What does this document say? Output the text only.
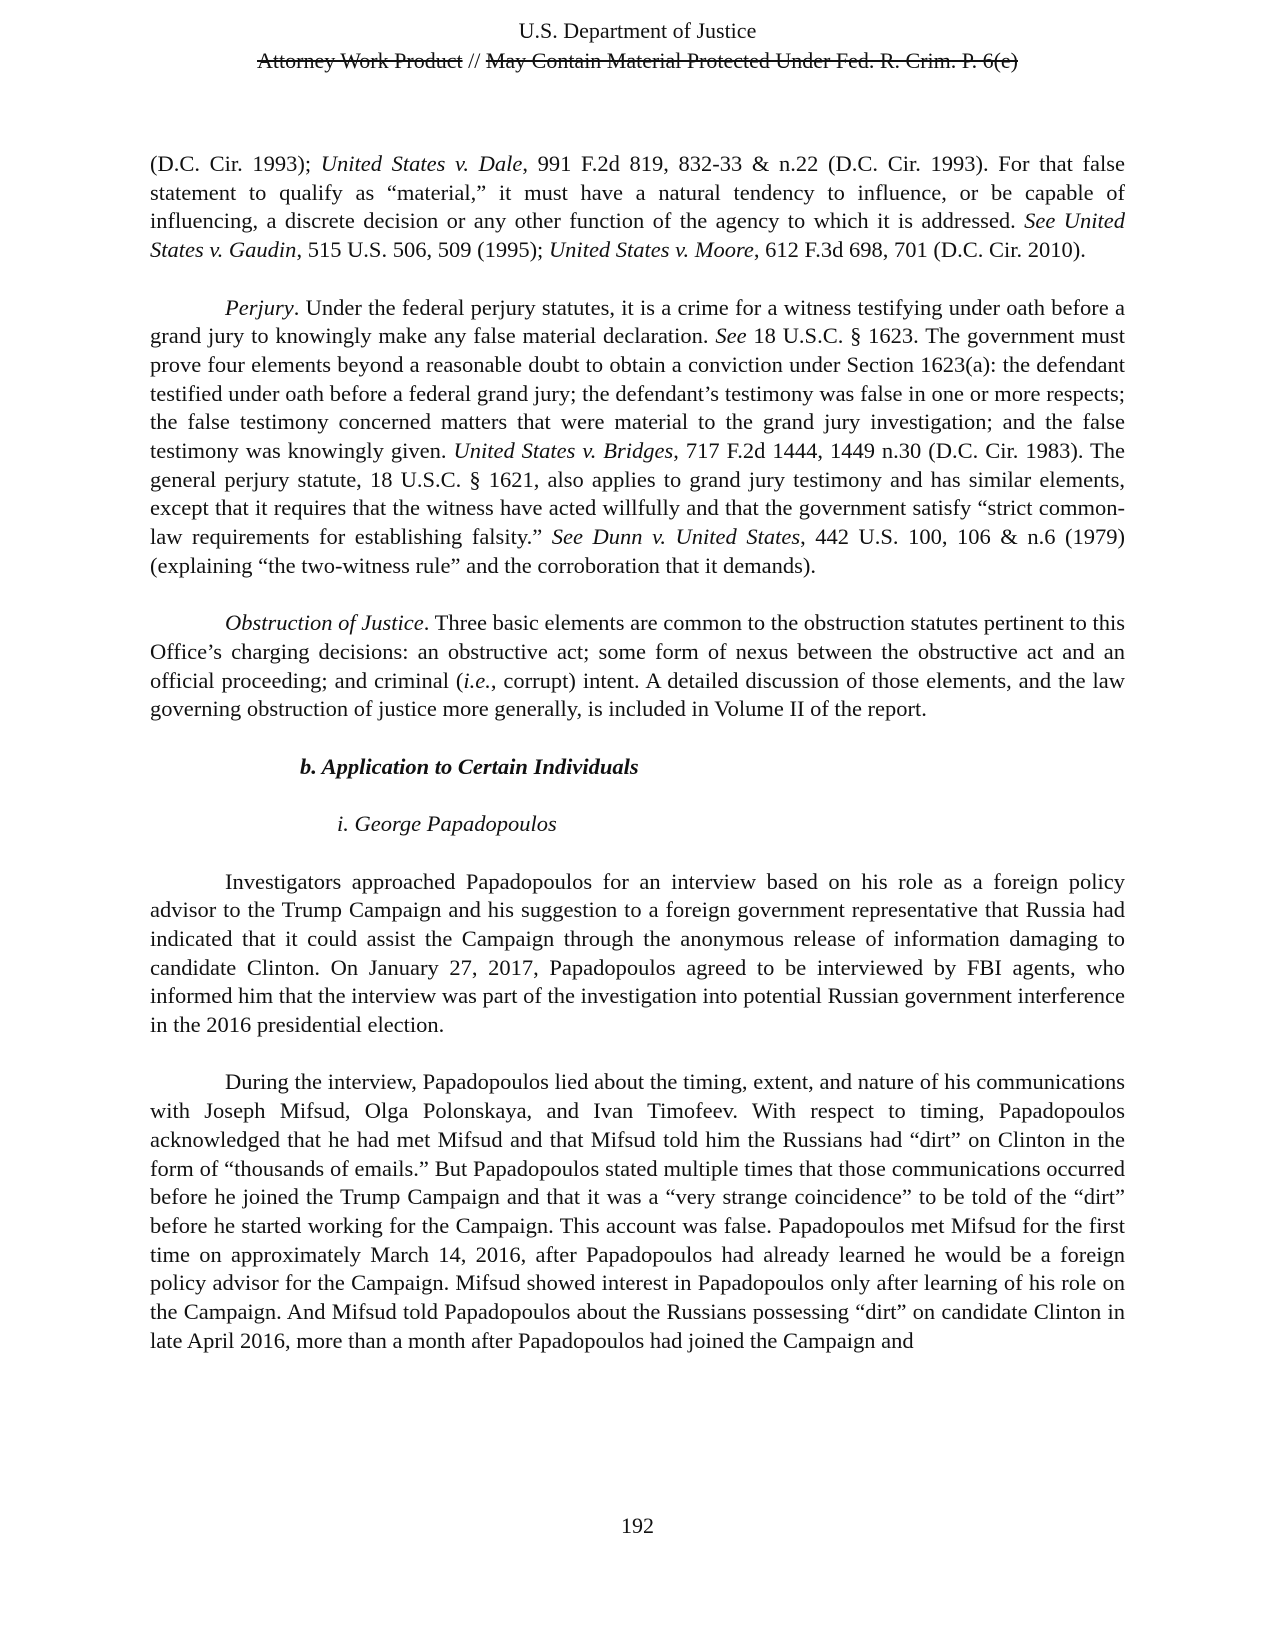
U.S. Department of Justice
Attorney Work Product // May Contain Material Protected Under Fed. R. Crim. P. 6(e)

(D.C. Cir. 1993); United States v. Dale, 991 F.2d 819, 832-33 & n.22 (D.C. Cir. 1993). For that false statement to qualify as “material,” it must have a natural tendency to influence, or be capable of influencing, a discrete decision or any other function of the agency to which it is addressed. See United States v. Gaudin, 515 U.S. 506, 509 (1995); United States v. Moore, 612 F.3d 698, 701 (D.C. Cir. 2010).

Perjury. Under the federal perjury statutes, it is a crime for a witness testifying under oath before a grand jury to knowingly make any false material declaration. See 18 U.S.C. § 1623. The government must prove four elements beyond a reasonable doubt to obtain a conviction under Section 1623(a): the defendant testified under oath before a federal grand jury; the defendant’s testimony was false in one or more respects; the false testimony concerned matters that were material to the grand jury investigation; and the false testimony was knowingly given. United States v. Bridges, 717 F.2d 1444, 1449 n.30 (D.C. Cir. 1983). The general perjury statute, 18 U.S.C. § 1621, also applies to grand jury testimony and has similar elements, except that it requires that the witness have acted willfully and that the government satisfy “strict common-law requirements for establishing falsity.” See Dunn v. United States, 442 U.S. 100, 106 & n.6 (1979) (explaining “the two-witness rule” and the corroboration that it demands).

Obstruction of Justice. Three basic elements are common to the obstruction statutes pertinent to this Office’s charging decisions: an obstructive act; some form of nexus between the obstructive act and an official proceeding; and criminal (i.e., corrupt) intent. A detailed discussion of those elements, and the law governing obstruction of justice more generally, is included in Volume II of the report.

b. Application to Certain Individuals
i. George Papadopoulos

Investigators approached Papadopoulos for an interview based on his role as a foreign policy advisor to the Trump Campaign and his suggestion to a foreign government representative that Russia had indicated that it could assist the Campaign through the anonymous release of information damaging to candidate Clinton. On January 27, 2017, Papadopoulos agreed to be interviewed by FBI agents, who informed him that the interview was part of the investigation into potential Russian government interference in the 2016 presidential election.

During the interview, Papadopoulos lied about the timing, extent, and nature of his communications with Joseph Mifsud, Olga Polonskaya, and Ivan Timofeev. With respect to timing, Papadopoulos acknowledged that he had met Mifsud and that Mifsud told him the Russians had “dirt” on Clinton in the form of “thousands of emails.” But Papadopoulos stated multiple times that those communications occurred before he joined the Trump Campaign and that it was a “very strange coincidence” to be told of the “dirt” before he started working for the Campaign. This account was false. Papadopoulos met Mifsud for the first time on approximately March 14, 2016, after Papadopoulos had already learned he would be a foreign policy advisor for the Campaign. Mifsud showed interest in Papadopoulos only after learning of his role on the Campaign. And Mifsud told Papadopoulos about the Russians possessing “dirt” on candidate Clinton in late April 2016, more than a month after Papadopoulos had joined the Campaign and

192
